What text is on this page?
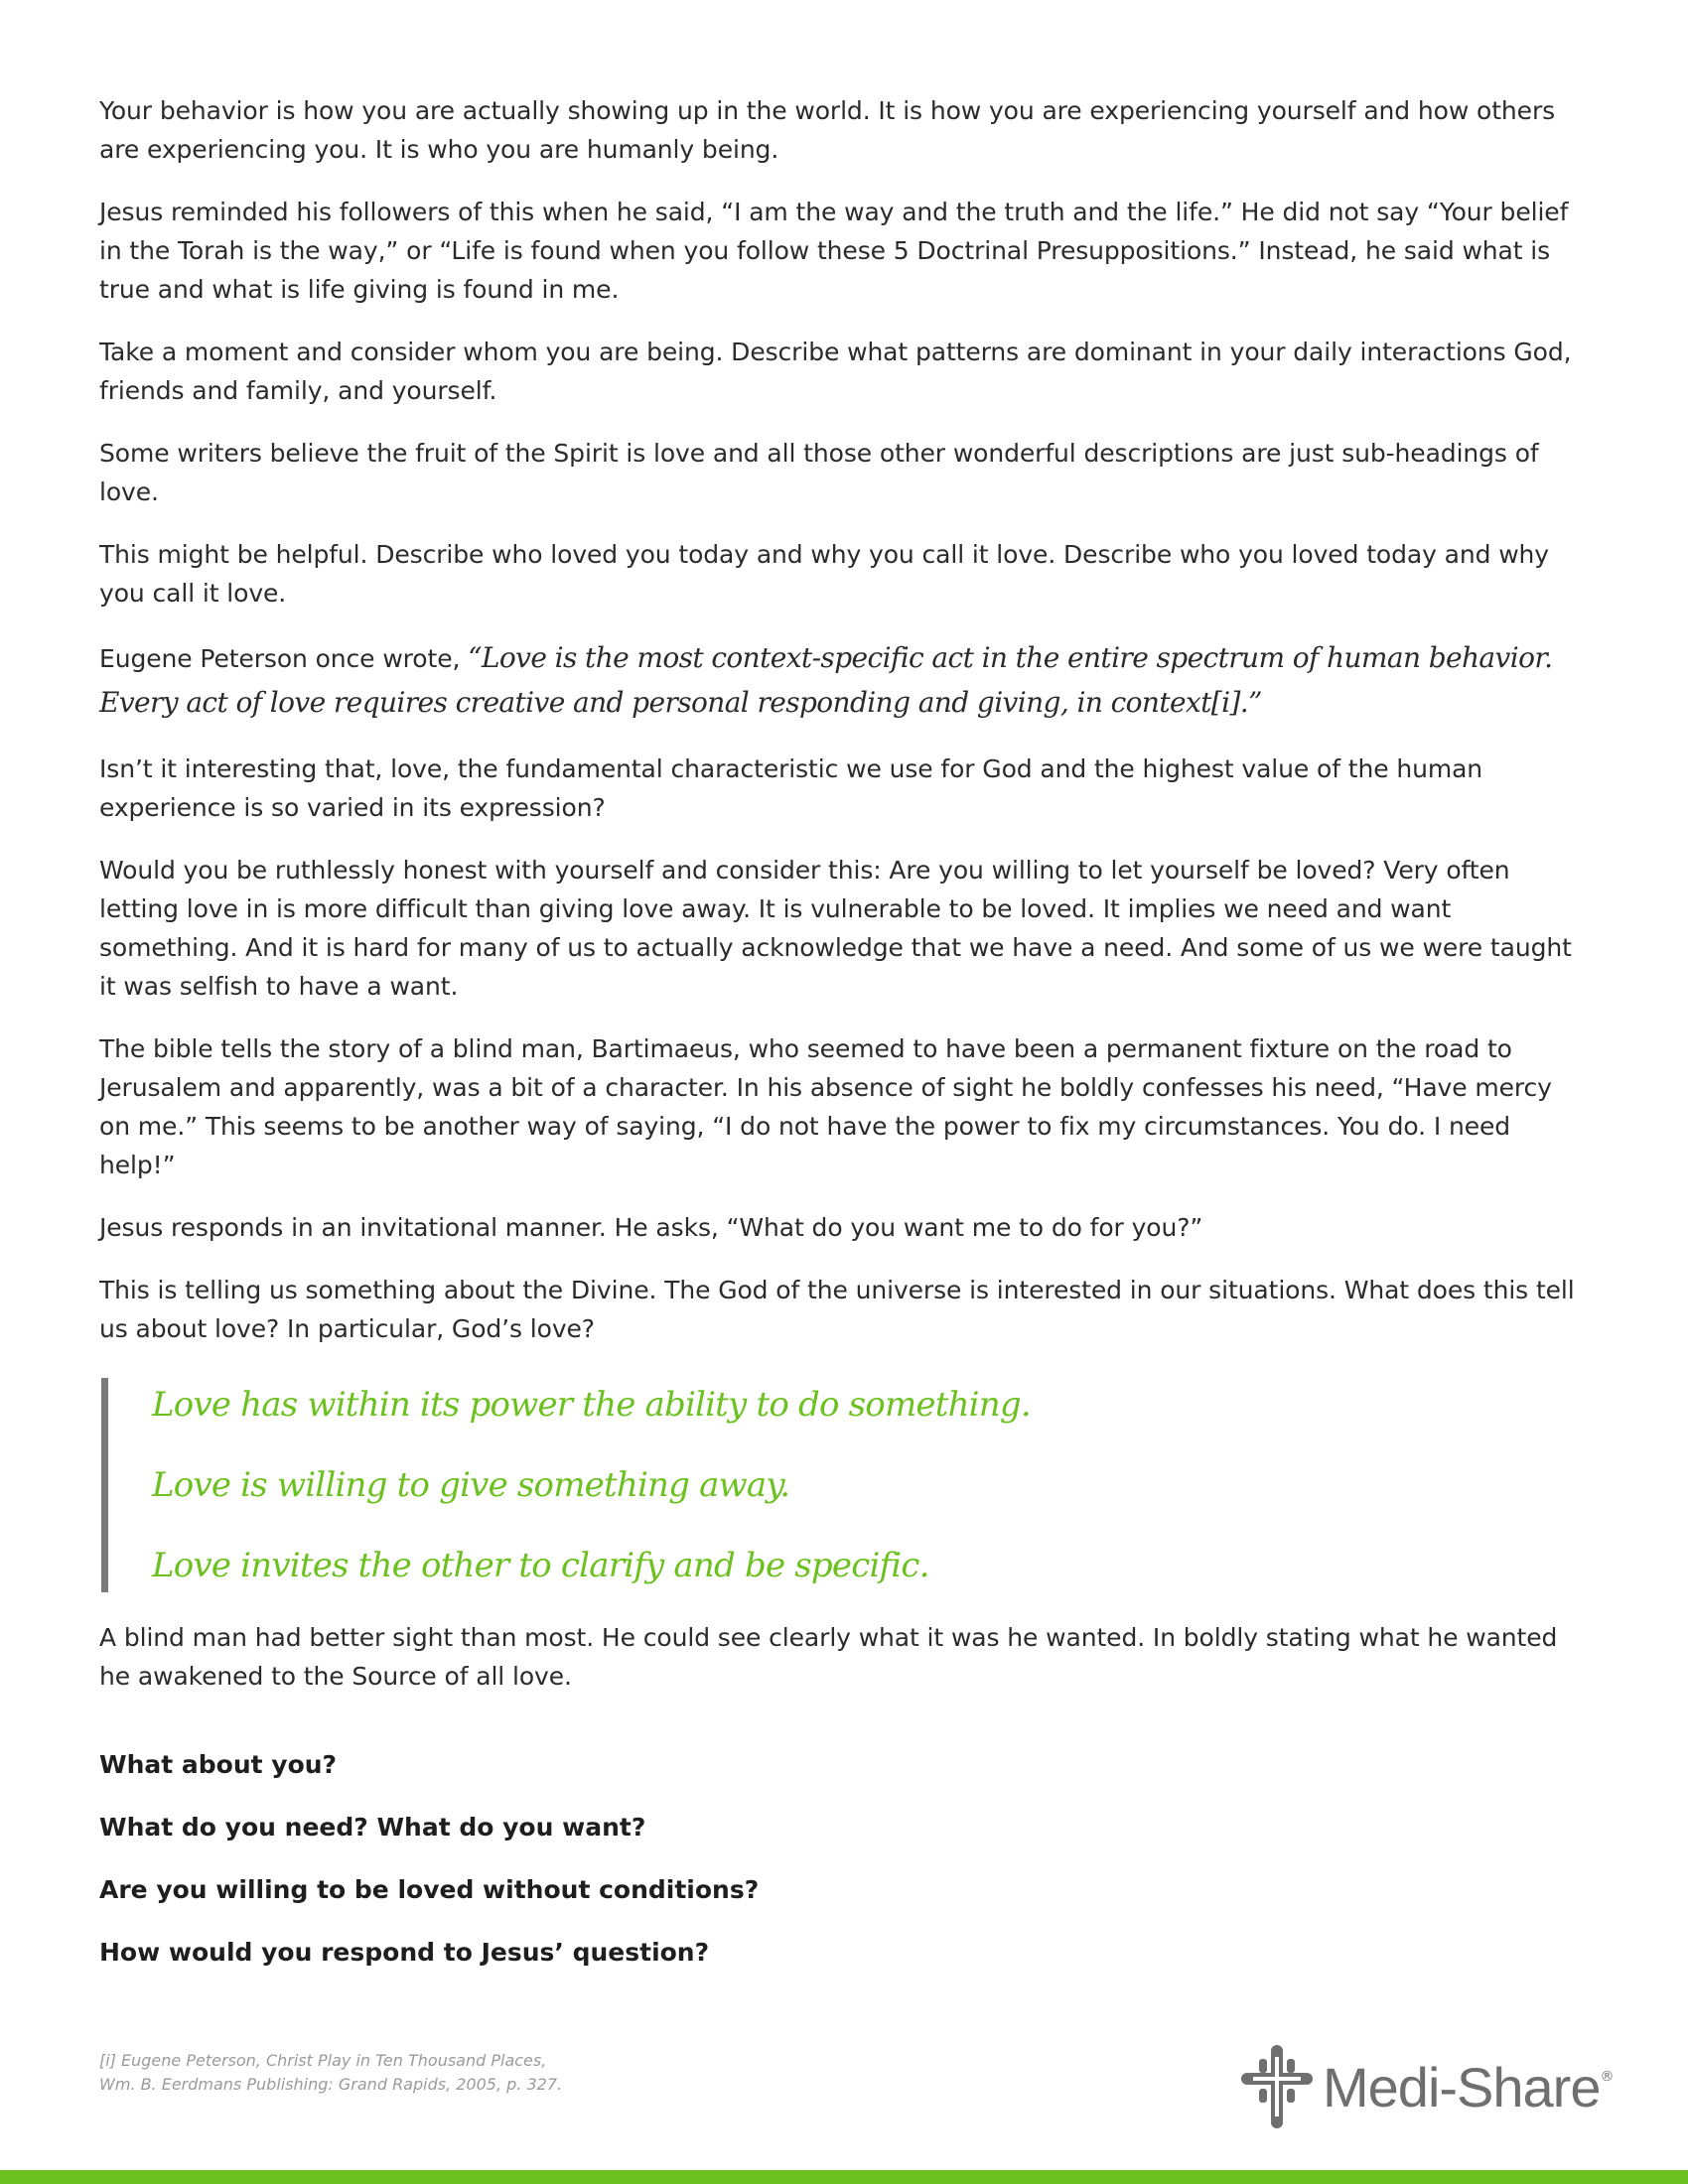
Your behavior is how you are actually showing up in the world. It is how you are experiencing yourself and how others are experiencing you. It is who you are humanly being.

Jesus reminded his followers of this when he said, “I am the way and the truth and the life.” He did not say “Your belief in the Torah is the way,” or “Life is found when you follow these 5 Doctrinal Presuppositions.” Instead, he said what is true and what is life giving is found in me.

Take a moment and consider whom you are being. Describe what patterns are dominant in your daily interactions God, friends and family, and yourself.

Some writers believe the fruit of the Spirit is love and all those other wonderful descriptions are just sub-headings of love.

This might be helpful. Describe who loved you today and why you call it love. Describe who you loved today and why you call it love.

Eugene Peterson once wrote, “Love is the most context-specific act in the entire spectrum of human behavior. Every act of love requires creative and personal responding and giving, in context[i].”

Isn’t it interesting that, love, the fundamental characteristic we use for God and the highest value of the human experience is so varied in its expression?

Would you be ruthlessly honest with yourself and consider this: Are you willing to let yourself be loved? Very often letting love in is more difficult than giving love away. It is vulnerable to be loved. It implies we need and want something. And it is hard for many of us to actually acknowledge that we have a need. And some of us we were taught it was selfish to have a want.

The bible tells the story of a blind man, Bartimaeus, who seemed to have been a permanent fixture on the road to Jerusalem and apparently, was a bit of a character. In his absence of sight he boldly confesses his need, “Have mercy on me.” This seems to be another way of saying, “I do not have the power to fix my circumstances. You do. I need help!”

Jesus responds in an invitational manner. He asks, “What do you want me to do for you?”

This is telling us something about the Divine. The God of the universe is interested in our situations. What does this tell us about love? In particular, God’s love?

Love has within its power the ability to do something.

Love is willing to give something away.

Love invites the other to clarify and be specific.

A blind man had better sight than most. He could see clearly what it was he wanted. In boldly stating what he wanted he awakened to the Source of all love.

What about you?

What do you need? What do you want?

Are you willing to be loved without conditions?

How would you respond to Jesus’ question?

[i] Eugene Peterson, Christ Play in Ten Thousand Places,
Wm. B. Eerdmans Publishing: Grand Rapids, 2005, p. 327.	Medi-Share ®
